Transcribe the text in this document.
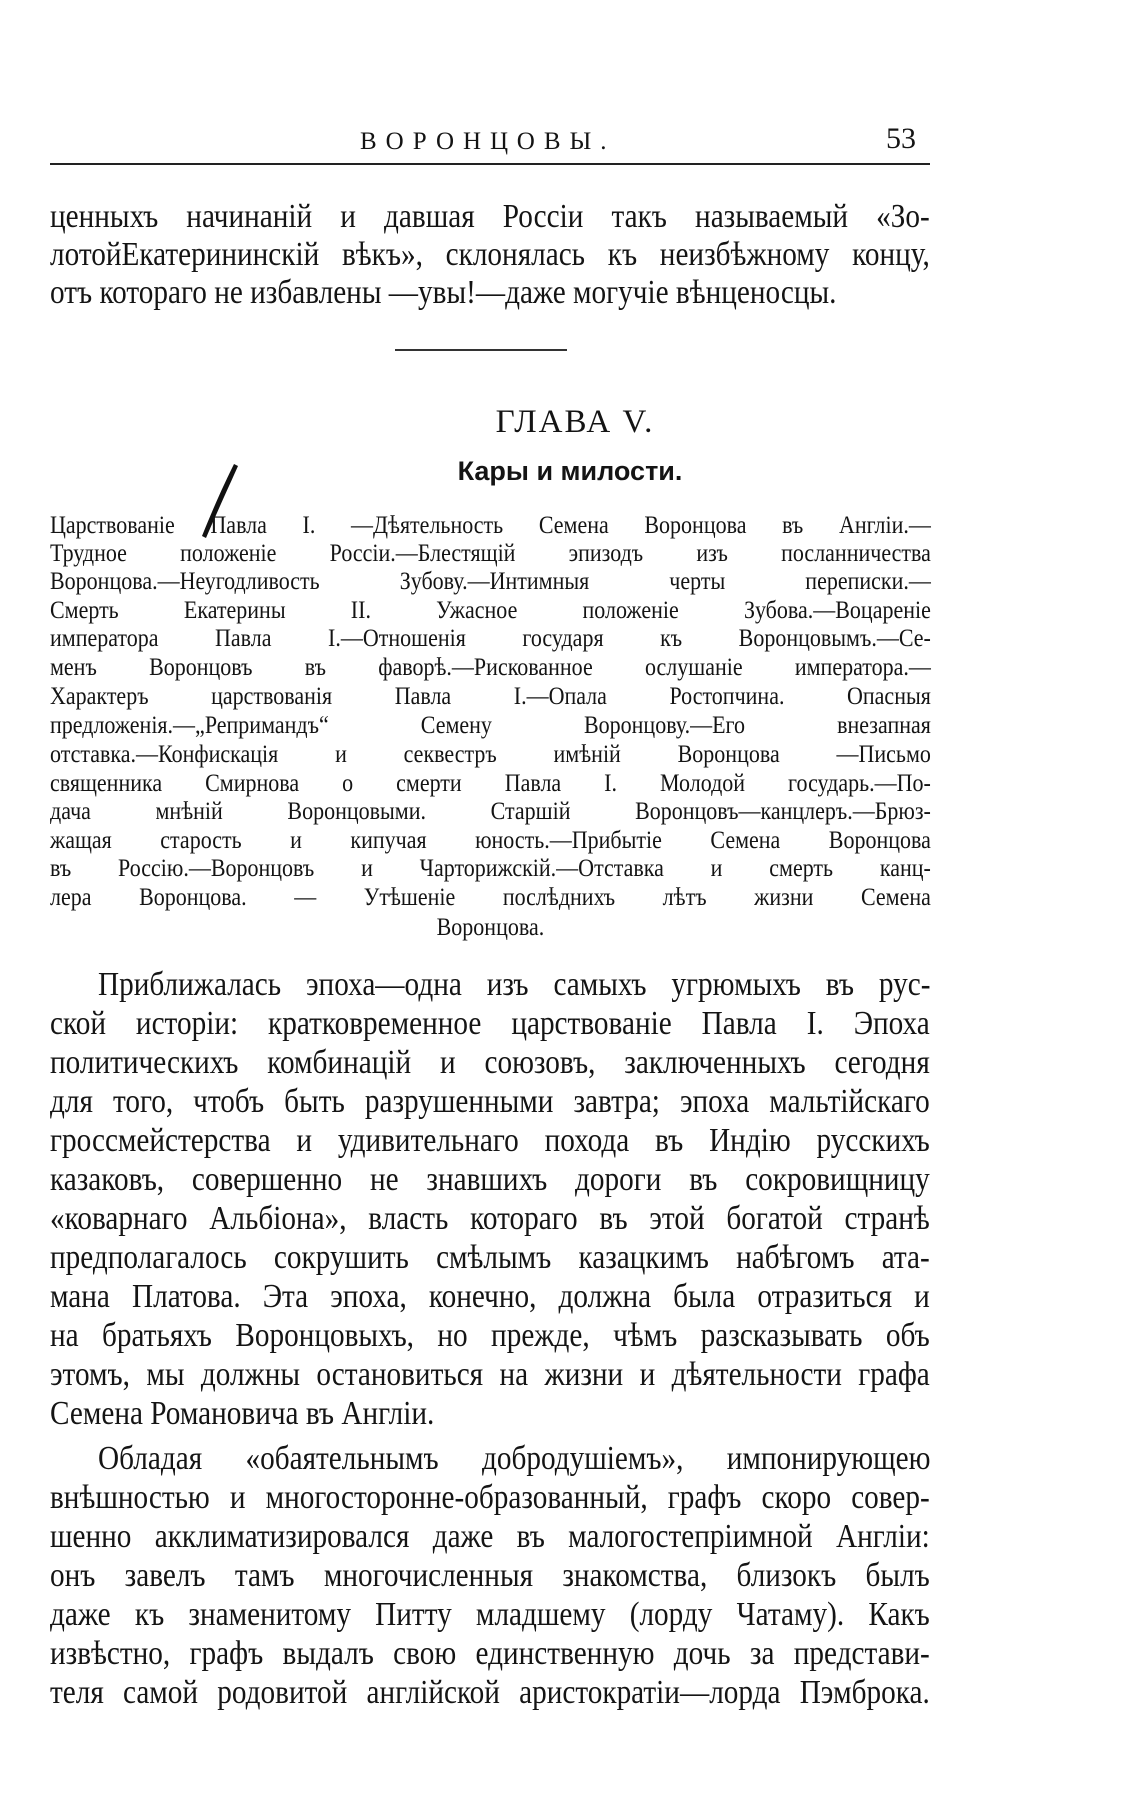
ВОРОНЦОВЫ.	53
ценныхъ начинаній и давшая Россіи такъ называемый «Зо-
лотойЕкатерининскій вѣкъ», склонялась къ неизбѣжному концу,
отъ котораго не избавлены —увы!—даже могучіе вѣнценосцы.
ГЛАВА V.
Кары и милости.
Царствованіе Павла I. —Дѣятельность Семена Воронцова въ Англіи.—
Трудное положеніе Россіи.—Блестящій эпизодъ изъ посланничества
Воронцова.—Неугодливость Зубову.—Интимныя черты переписки.—
Смерть Екатерины II. Ужасное положеніе Зубова.—Воцареніе
императора Павла I.—Отношенія государя къ Воронцовымъ.—Се-
менъ Воронцовъ въ фаворѣ.—Рискованное ослушаніе императора.—
Характеръ царствованія Павла I.—Опала Ростопчина. Опасныя
предложенія.—„Репримандъ“ Семену Воронцову.—Его внезапная
отставка.—Конфискація и секвестръ имѣній Воронцова —Письмо
священника Смирнова о смерти Павла I. Молодой государь.—По-
дача мнѣній Воронцовыми. Старшій Воронцовъ—канцлеръ.—Брюз-
жащая старость и кипучая юность.—Прибытіе Семена Воронцова
въ Россію.—Воронцовъ и Чарторижскій.—Отставка и смерть канц-
лера Воронцова. — Утѣшеніе послѣднихъ лѣтъ жизни Семена
Воронцова.
Приближалась эпоха—одна изъ самыхъ угрюмыхъ въ рус-
ской исторіи: кратковременное царствованіе Павла I. Эпоха
политическихъ комбинацій и союзовъ, заключенныхъ сегодня
для того, чтобъ быть разрушенными завтра; эпоха мальтійскаго
гроссмейстерства и удивительнаго похода въ Индію русскихъ
казаковъ, совершенно не знавшихъ дороги въ сокровищницу
«коварнаго Альбіона», власть котораго въ этой богатой странѣ
предполагалось сокрушить смѣлымъ казацкимъ набѣгомъ ата-
мана Платова. Эта эпоха, конечно, должна была отразиться и
на братьяхъ Воронцовыхъ, но прежде, чѣмъ разсказывать объ
этомъ, мы должны остановиться на жизни и дѣятельности графа
Семена Романовича въ Англіи.
Обладая «обаятельнымъ добродушіемъ», импонирующею
внѣшностью и многосторонне-образованный, графъ скоро совер-
шенно акклиматизировался даже въ малогостепріимной Англіи:
онъ завелъ тамъ многочисленныя знакомства, близокъ былъ
даже къ знаменитому Питту младшему (лорду Чатаму). Какъ
извѣстно, графъ выдалъ свою единственную дочь за представи-
теля самой родовитой англійской аристократіи—лорда Пэмброка.
